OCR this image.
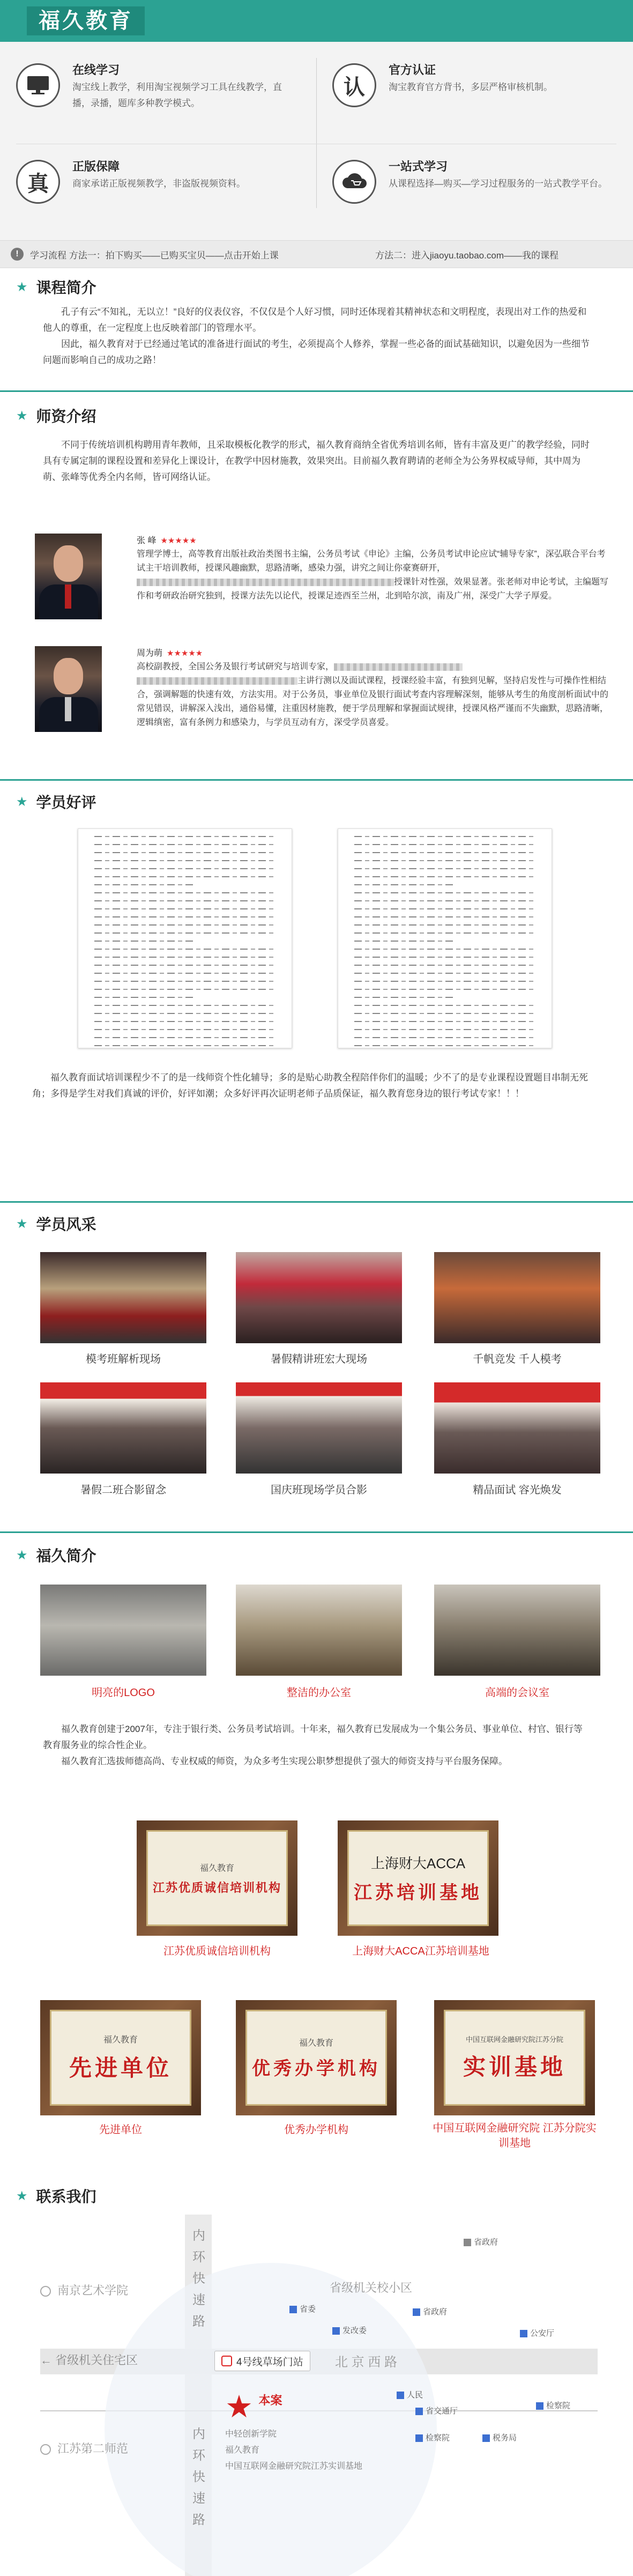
福久教育
在线学习

淘宝线上教学，利用淘宝视频学习工具在线教学，直播，录播，题库多种教学模式。

认
官方认证

淘宝教育官方背书，多层严格审核机制。

真
正版保障

商家承诺正版视频教学，非盗版视频资料。

一站式学习

从课程选择—购买—学习过程服务的一站式教学平台。

!	学习流程 方法一：拍下购买——已购买宝贝——点击开始上课	方法二：进入jiaoyu.taobao.com——我的课程
★ 课程简介

孔子有云“不知礼，无以立！”良好的仪表仪容，不仅仅是个人好习惯，同时还体现着其精神状态和文明程度，表现出对工作的热爱和他人的尊重，在一定程度上也反映着部门的管理水平。

因此，福久教育对于已经通过笔试的准备进行面试的考生，必须提高个人修养，掌握一些必备的面试基础知识，以避免因为一些细节问题而影响自己的成功之路！

★ 师资介绍

不同于传统培训机构聘用青年教师，且采取模板化教学的形式，福久教育商纳全省优秀培训名师，皆有丰富及更广的教学经验，同时具有专属定制的课程设置和差异化上课设计，在教学中因材施教，效果突出。目前福久教育聘请的老师全为公务界权威导师，其中周为萌、张峰等优秀全内名师，皆可网络认证。

张 峰 ★★★★★
管理学博士，高等教育出版社政治类图书主编，公务员考试《申论》主编，公务员考试申论应试“辅导专家”，深弘联合平台考试主干培训教师，授课风趣幽默，思路清晰，感染力强，讲究之间让你豪赛研开，授课针对性强，效果显著。张老师对申论考试，主编题写作和考研政治研究独到，授课方法先以论代，授课足迹西至兰州，北到哈尔滨，南及广州，深受广大学子厚爱。
周为萌 ★★★★★
高校副教授，全国公务及银行考试研究与培训专家，
主讲行测以及面试课程，授课经验丰富，有独到见解，坚持启发性与可操作性相结合，强调解题的快速有效，方法实用。对于公务员，事业单位及银行面试考查内容理解深刻，能够从考生的角度剖析面试中的常见错误，讲解深入浅出，通俗易懂，注重因材施教，便于学员理解和掌握面试规律，授课风格严谨而不失幽默，思路清晰，逻辑缜密，富有条例力和感染力，与学员互动有方，深受学员喜爱。
★ 学员好评

福久教育面试培训课程少不了的是一线师资个性化辅导；多的是贴心助教全程陪伴你们的温暖；少不了的是专业课程设置题目串制无死角；多得是学生对我们真诚的评价，好评如潮；众多好评再次证明老师子品质保证，福久教育您身边的银行考试专家！！！

★ 学员风采
模考班解析现场	暑假精讲班宏大现场	千帆竞发 千人模考
暑假二班合影留念	国庆班现场学员合影	精品面试 容光焕发
★ 福久简介
明亮的LOGO	整洁的办公室	高端的会议室

福久教育创建于2007年，专注于银行类、公务员考试培训。十年来，福久教育已发展成为一个集公务员、事业单位、村官、银行等教育服务业的综合性企业。

福久教育汇选拔师德高尚、专业权威的师资，为众多考生实现公职梦想提供了强大的师资支持与平台服务保障。

福久教育
江苏优质诚信培训机构
上海财大ACCA
江苏培训基地
江苏优质诚信培训机构	上海财大ACCA江苏培训基地
福久教育
先进单位
福久教育
优秀办学机构
中国互联网金融研究院江苏分院
实训基地
先进单位	优秀办学机构	中国互联网金融研究院 江苏分院实训基地
★ 联系我们
内环快速路
内环快速路
南京艺术学院	省级机关校小区
← 省级机关住宅区	北 京 西 路
4号线草场门站
★ 本案
中轻创新学院
福久教育
中国互联网金融研究院江苏实训基地
江苏第二师范
省委
发改委
省政府
公安厅
检察院
人民
省交通厅
检察院	税务局
省政府
